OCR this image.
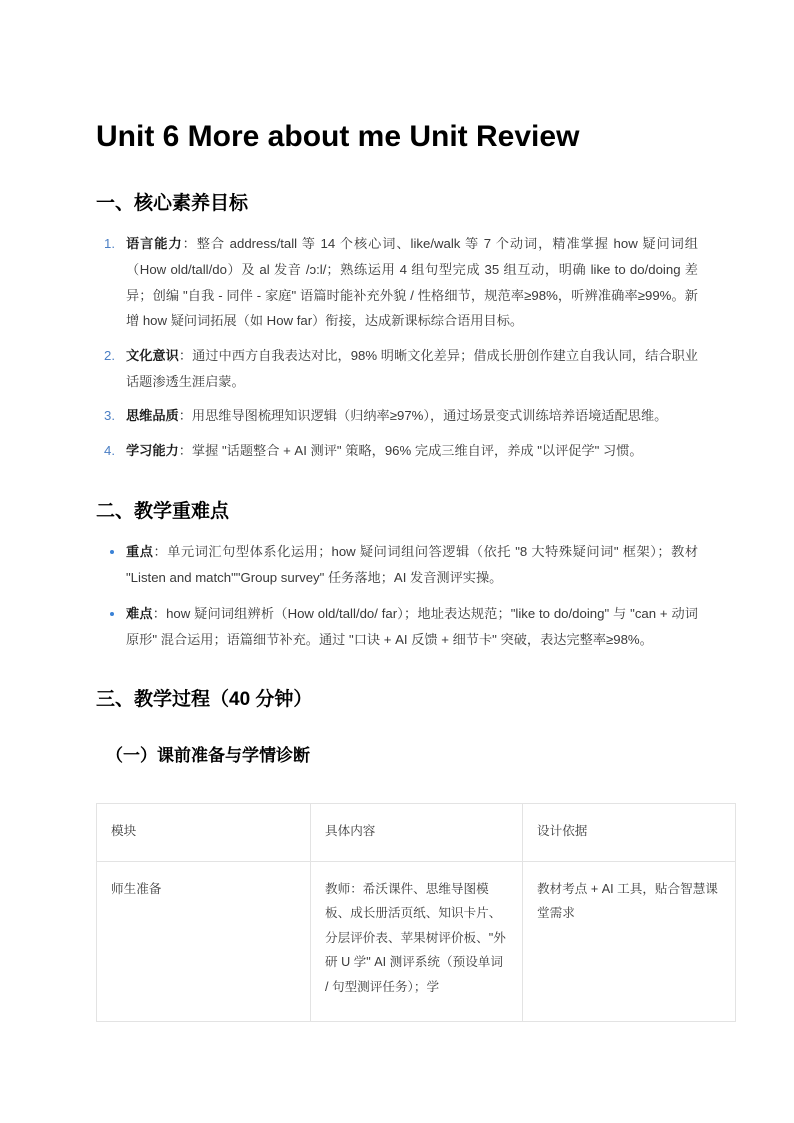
Unit 6 More about me Unit Review
一、核心素养目标
语言能力：整合 address/tall 等 14 个核心词、like/walk 等 7 个动词，精准掌握 how 疑问词组（How old/tall/do）及 al 发音 /ɔ:l/；熟练运用 4 组句型完成 35 组互动，明确 like to do/doing 差异；创编 "自我 - 同伴 - 家庭" 语篇时能补充外貌 / 性格细节，规范率≥98%，听辨准确率≥99%。新增 how 疑问词拓展（如 How far）衔接，达成新课标综合语用目标。
文化意识：通过中西方自我表达对比，98% 明晰文化差异；借成长册创作建立自我认同，结合职业话题渗透生涯启蒙。
思维品质：用思维导图梳理知识逻辑（归纳率≥97%），通过场景变式训练培养语境适配思维。
学习能力：掌握 "话题整合 + AI 测评" 策略，96% 完成三维自评，养成 "以评促学" 习惯。
二、教学重难点
重点：单元词汇句型体系化运用；how 疑问词组问答逻辑（依托 "8 大特殊疑问词" 框架）；教材 "Listen and match""Group survey" 任务落地；AI 发音测评实操。
难点：how 疑问词组辨析（How old/tall/do/ far）；地址表达规范；"like to do/doing" 与 "can + 动词原形" 混合运用；语篇细节补充。通过 "口诀 + AI 反馈 + 细节卡" 突破，表达完整率≥98%。
三、教学过程（40 分钟）
（一）课前准备与学情诊断
模块	具体内容	设计依据
师生准备	教师：希沃课件、思维导图模板、成长册活页纸、知识卡片、分层评价表、苹果树评价板、"外研 U 学" AI 测评系统（预设单词 / 句型测评任务）；学	教材考点 + AI 工具，贴合智慧课堂需求
